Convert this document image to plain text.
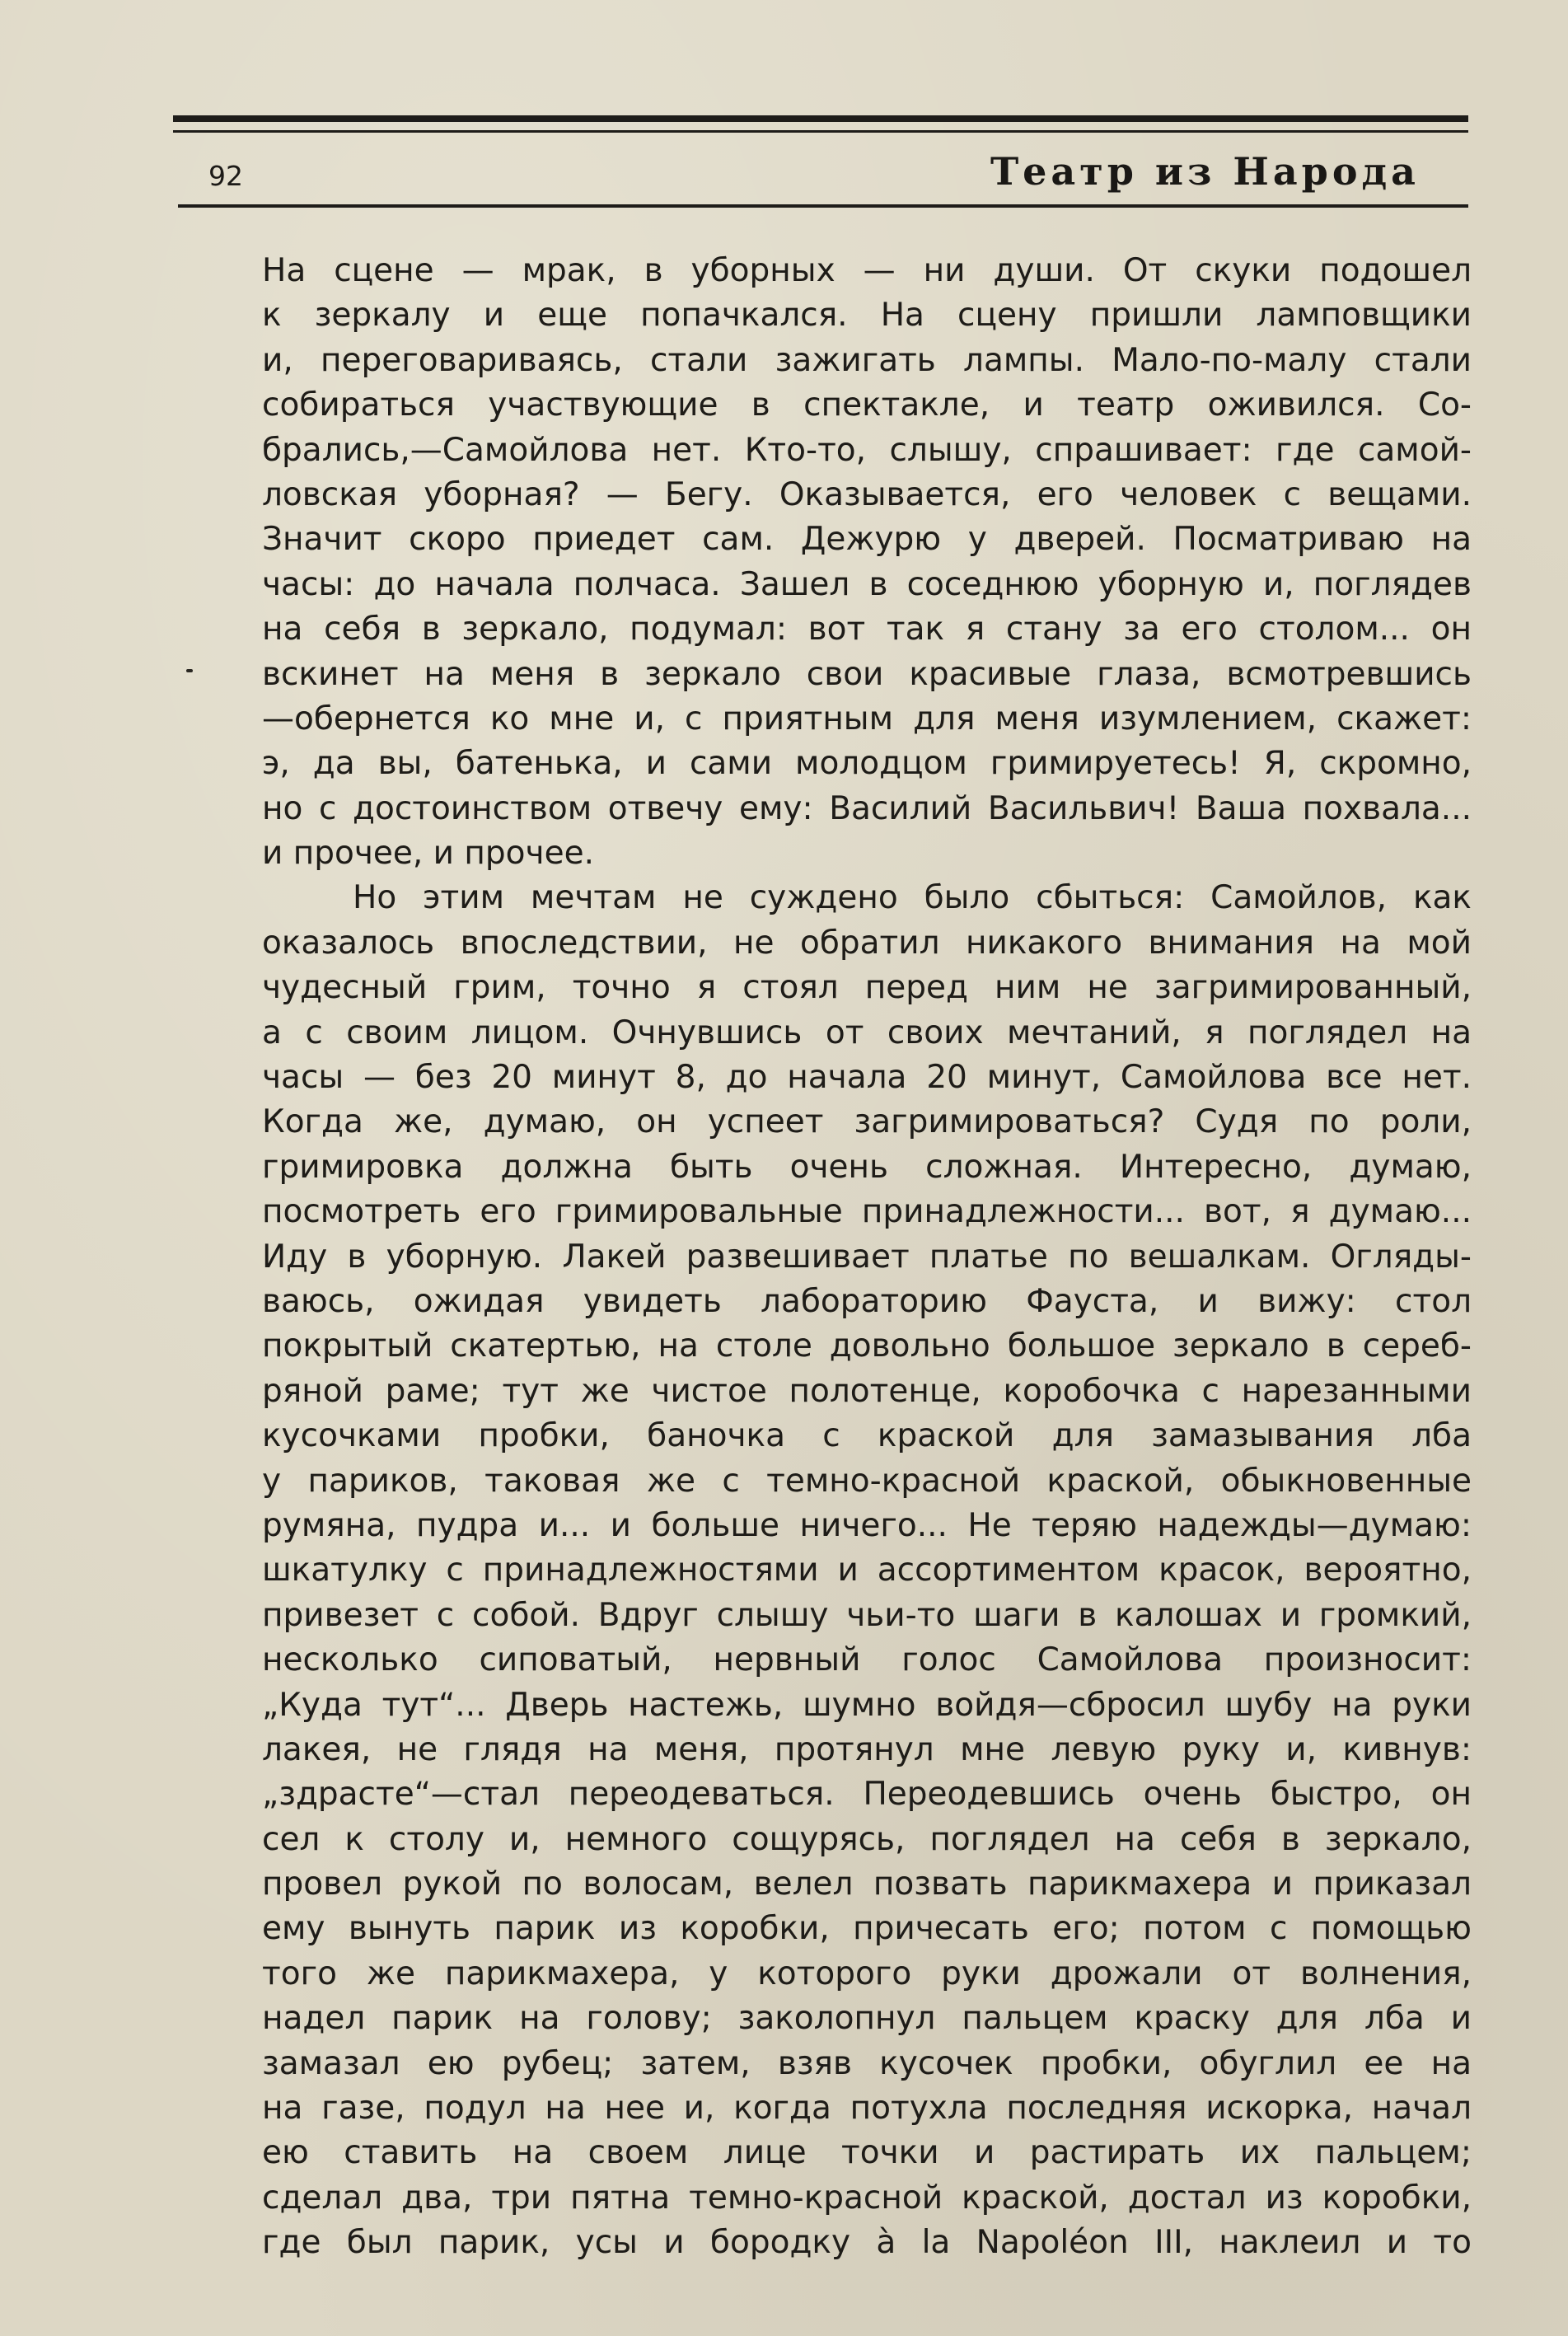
92	Театр из Народа
На сцене — мрак, в уборных — ни души. От скуки подошел
к зеркалу и еще попачкался. На сцену пришли ламповщики
и, переговариваясь, стали зажигать лампы. Мало-по-малу стали
собираться участвующие в спектакле, и театр оживился. Со-
брались,—Самойлова нет. Кто-то, слышу, спрашивает: где самой-
ловская уборная? — Бегу. Оказывается, его человек с вещами.
Значит скоро приедет сам. Дежурю у дверей. Посматриваю на
часы: до начала полчаса. Зашел в соседнюю уборную и, поглядев
на себя в зеркало, подумал: вот так я стану за его столом... он
вскинет на меня в зеркало свои красивые глаза, всмотревшись
—обернется ко мне и, с приятным для меня изумлением, скажет:
э, да вы, батенька, и сами молодцом гримируетесь! Я, скромно,
но с достоинством отвечу ему: Василий Васильвич! Ваша похвала...
и прочее, и прочее.
Но этим мечтам не суждено было сбыться: Самойлов, как
оказалось впоследствии, не обратил никакого внимания на мой
чудесный грим, точно я стоял перед ним не загримированный,
а с своим лицом. Очнувшись от своих мечтаний, я поглядел на
часы — без 20 минут 8, до начала 20 минут, Самойлова все нет.
Когда же, думаю, он успеет загримироваться? Судя по роли,
гримировка должна быть очень сложная. Интересно, думаю,
посмотреть его гримировальные принадлежности... вот, я думаю...
Иду в уборную. Лакей развешивает платье по вешалкам. Огляды-
ваюсь, ожидая увидеть лабораторию Фауста, и вижу: стол
покрытый скатертью, на столе довольно большое зеркало в сереб-
ряной раме; тут же чистое полотенце, коробочка с нарезанными
кусочками пробки, баночка с краской для замазывания лба
у париков, таковая же с темно-красной краской, обыкновенные
румяна, пудра и... и больше ничего... Не теряю надежды—думаю:
шкатулку с принадлежностями и ассортиментом красок, вероятно,
привезет с собой. Вдруг слышу чьи-то шаги в калошах и громкий,
несколько сиповатый, нервный голос Самойлова произносит:
„Куда тут“... Дверь настежь, шумно войдя—сбросил шубу на руки
лакея, не глядя на меня, протянул мне левую руку и, кивнув:
„здрасте“—стал переодеваться. Переодевшись очень быстро, он
сел к столу и, немного сощурясь, поглядел на себя в зеркало,
провел рукой по волосам, велел позвать парикмахера и приказал
ему вынуть парик из коробки, причесать его; потом с помощью
того же парикмахера, у которого руки дрожали от волнения,
надел парик на голову; заколопнул пальцем краску для лба и
замазал ею рубец; затем, взяв кусочек пробки, обуглил ее на
на газе, подул на нее и, когда потухла последняя искорка, начал
ею ставить на своем лице точки и растирать их пальцем;
сделал два, три пятна темно-красной краской, достал из коробки,
где был парик, усы и бородку à la Napoléon III, наклеил и то
